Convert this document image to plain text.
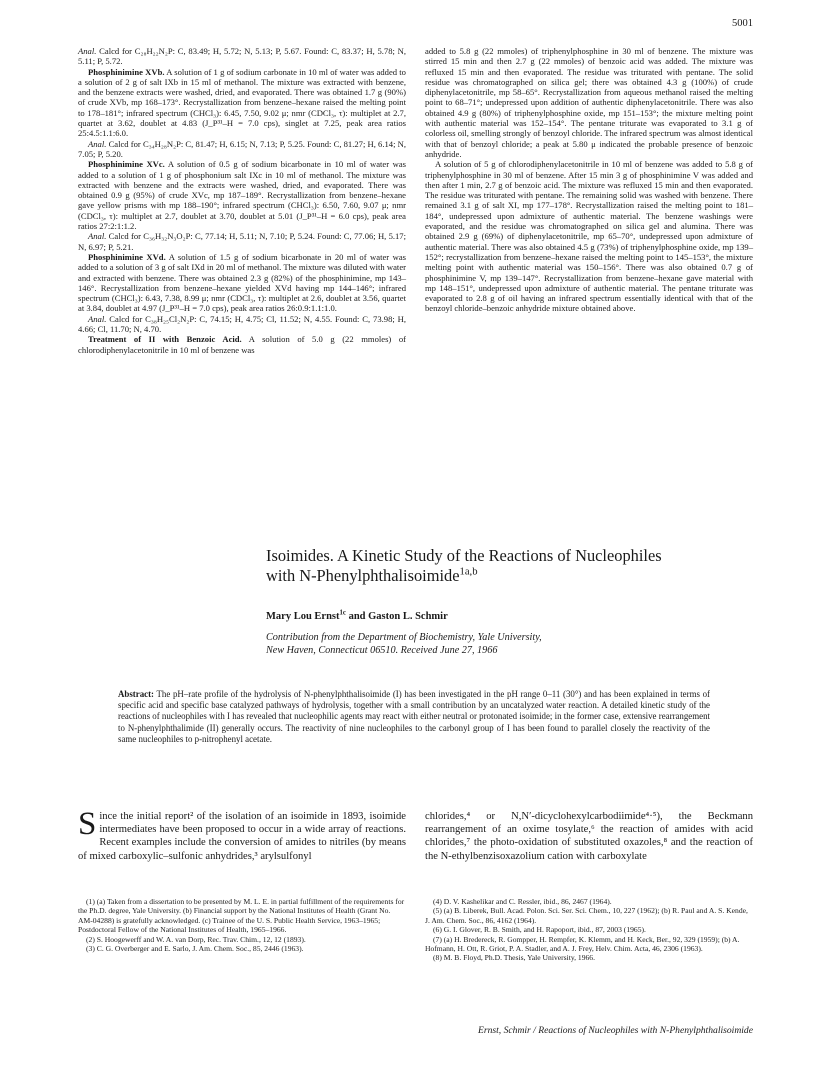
5001

Anal. Calcd for C₂₈H₂₂N₂P: C, 83.49; H, 5.72; N, 5.13; P, 5.67. Found: C, 83.37; H, 5.78; N, 5.11; P, 5.72.

Phosphinimine XVb. A solution of 1 g of sodium carbonate in 10 ml of water was added to a solution of 2 g of salt IXb in 15 ml of methanol. The mixture was extracted with benzene, and the benzene extracts were washed, dried, and evaporated. There was obtained 1.7 g (90%) of crude XVb, mp 168–173°. Recrystallization from benzene–hexane raised the melting point to 178–181°; infrared spectrum (CHCl₃): 6.45, 7.50, 9.02 μ; nmr (CDCl₃, τ): multiplet at 2.7, quartet at 3.62, doublet at 4.83 (J_P³¹–H = 7.0 cps), singlet at 7.25, peak area ratios 25:4.5:1.1:6.0.

Anal. Calcd for C₃₄H₂₈N₂P: C, 81.47; H, 6.15; N, 7.13; P, 5.25. Found: C, 81.27; H, 6.14; N, 7.05; P, 5.20.

Phosphinimine XVc. A solution of 0.5 g of sodium bicarbonate in 10 ml of water was added to a solution of 1 g of phosphonium salt IXc in 10 ml of methanol. The mixture was extracted with benzene and the extracts were washed, dried, and evaporated. There was obtained 0.9 g (95%) of crude XVc, mp 187–189°. Recrystallization from benzene–hexane gave yellow prisms with mp 188–190°; infrared spectrum (CHCl₃): 6.50, 7.60, 9.07 μ; nmr (CDCl₃, τ): multiplet at 2.7, doublet at 3.70, doublet at 5.01 (J_P³¹–H = 6.0 cps), peak area ratios 27:2:1:1.2.

Anal. Calcd for C₃₆H₃₂N₃O₂P: C, 77.14; H, 5.11; N, 7.10; P, 5.24. Found: C, 77.06; H, 5.17; N, 6.97; P, 5.21.

Phosphinimine XVd. A solution of 1.5 g of sodium bicarbonate in 20 ml of water was added to a solution of 3 g of salt IXd in 20 ml of methanol. The mixture was diluted with water and extracted with benzene. There was obtained 2.3 g (82%) of the phosphinimine, mp 143–146°. Recrystallization from benzene–hexane yielded XVd having mp 144–146°; infrared spectrum (CHCl₃): 6.43, 7.38, 8.99 μ; nmr (CDCl₃, τ): multiplet at 2.6, doublet at 3.56, quartet at 3.84, doublet at 4.97 (J_P³¹–H = 7.0 cps), peak area ratios 26:0.9:1.1:1.0.

Anal. Calcd for C₃₈H₂₅Cl₂N₂P: C, 74.15; H, 4.75; Cl, 11.52; N, 4.55. Found: C, 73.98; H, 4.66; Cl, 11.70; N, 4.70.

Treatment of II with Benzoic Acid. A solution of 5.0 g (22 mmoles) of chlorodiphenylacetonitrile in 10 ml of benzene was

added to 5.8 g (22 mmoles) of triphenylphosphine in 30 ml of benzene. The mixture was stirred 15 min and then 2.7 g (22 mmoles) of benzoic acid was added. The mixture was refluxed 15 min and then evaporated. The residue was triturated with pentane. The solid residue was chromatographed on silica gel; there was obtained 4.3 g (100%) of crude diphenylacetonitrile, mp 58–65°. Recrystallization from aqueous methanol raised the melting point to 68–71°; undepressed upon addition of authentic diphenylacetonitrile. There was also obtained 4.9 g (80%) of triphenylphosphine oxide, mp 151–153°; the mixture melting point with authentic material was 152–154°. The pentane triturate was evaporated to 3.1 g of colorless oil, smelling strongly of benzoyl chloride. The infrared spectrum was almost identical with that of benzoyl chloride; a peak at 5.80 μ indicated the probable presence of benzoic anhydride.

A solution of 5 g of chlorodiphenylacetonitrile in 10 ml of benzene was added to 5.8 g of triphenylphosphine in 30 ml of benzene. After 15 min 3 g of phosphinimine V was added and then after 1 min, 2.7 g of benzoic acid. The mixture was refluxed 15 min and then evaporated. The residue was triturated with pentane. The remaining solid was washed with benzene. There remained 3.1 g of salt XI, mp 177–178°. Recrystallization raised the melting point to 181–184°, undepressed upon admixture of authentic material. The benzene washings were evaporated, and the residue was chromatographed on silica gel and alumina. There was obtained 2.9 g (69%) of diphenylacetonitrile, mp 65–70°, undepressed upon admixture of authentic material. There was also obtained 4.5 g (73%) of triphenylphosphine oxide, mp 139–152°; recrystallization from benzene–hexane raised the melting point to 145–153°, the mixture melting point with authentic material was 150–156°. There was also obtained 0.7 g of phosphinimine V, mp 139–147°. Recrystallization from benzene–hexane gave material with mp 148–151°, undepressed upon admixture of authentic material. The pentane triturate was evaporated to 2.8 g of oil having an infrared spectrum essentially identical with that of the benzoyl chloride–benzoic anhydride mixture obtained above.

Isoimides. A Kinetic Study of the Reactions of Nucleophiles
with N-Phenylphthalisoimide$^{1a,b}$
Mary Lou Ernst$^{1c}$ and Gaston L. Schmir
Contribution from the Department of Biochemistry, Yale University,
New Haven, Connecticut 06510. Received June 27, 1966
Abstract: The pH–rate profile of the hydrolysis of N-phenylphthalisoimide (I) has been investigated in the pH range 0–11 (30°) and has been explained in terms of specific acid and specific base catalyzed pathways of hydrolysis, together with a small contribution by an uncatalyzed water reaction. A detailed kinetic study of the reactions of nucleophiles with I has revealed that nucleophilic agents may react with either neutral or protonated isoimide; in the former case, extensive rearrangement to N-phenylphthalimide (II) generally occurs. The reactivity of nine nucleophiles to the carbonyl group of I has been found to parallel closely the reactivity of the same nucleophiles to p-nitrophenyl acetate.
Since the initial report² of the isolation of an isoimide in 1893, isoimide intermediates have been proposed to occur in a wide array of reactions. Recent examples include the conversion of amides to nitriles (by means of mixed carboxylic–sulfonic anhydrides,³ arylsulfonyl
chlorides,⁴ or N,N′-dicyclohexylcarbodiimide⁴·⁵), the Beckmann rearrangement of an oxime tosylate,⁶ the reaction of amides with acid chlorides,⁷ the photo-oxidation of substituted oxazoles,⁸ and the reaction of the N-ethylbenzisoxazolium cation with carboxylate

(1) (a) Taken from a dissertation to be presented by M. L. E. in partial fulfillment of the requirements for the Ph.D. degree, Yale University. (b) Financial support by the National Institutes of Health (Grant No. AM-04288) is gratefully acknowledged. (c) Trainee of the U. S. Public Health Service, 1963–1965; Postdoctoral Fellow of the National Institutes of Health, 1965–1966.

(2) S. Hoogewerff and W. A. van Dorp, Rec. Trav. Chim., 12, 12 (1893).

(3) C. G. Overberger and E. Sarlo, J. Am. Chem. Soc., 85, 2446 (1963).

(4) D. V. Kashelikar and C. Ressler, ibid., 86, 2467 (1964).

(5) (a) B. Liberek, Bull. Acad. Polon. Sci. Ser. Sci. Chem., 10, 227 (1962); (b) R. Paul and A. S. Kende, J. Am. Chem. Soc., 86, 4162 (1964).

(6) G. I. Glover, R. B. Smith, and H. Rapoport, ibid., 87, 2003 (1965).

(7) (a) H. Bredereck, R. Gompper, H. Rempfer, K. Klemm, and H. Keck, Ber., 92, 329 (1959); (b) A. Hofmann, H. Ott, R. Griot, P. A. Stadler, and A. J. Frey, Helv. Chim. Acta, 46, 2306 (1963).

(8) M. B. Floyd, Ph.D. Thesis, Yale University, 1966.

Ernst, Schmir / Reactions of Nucleophiles with N-Phenylphthalisoimide
